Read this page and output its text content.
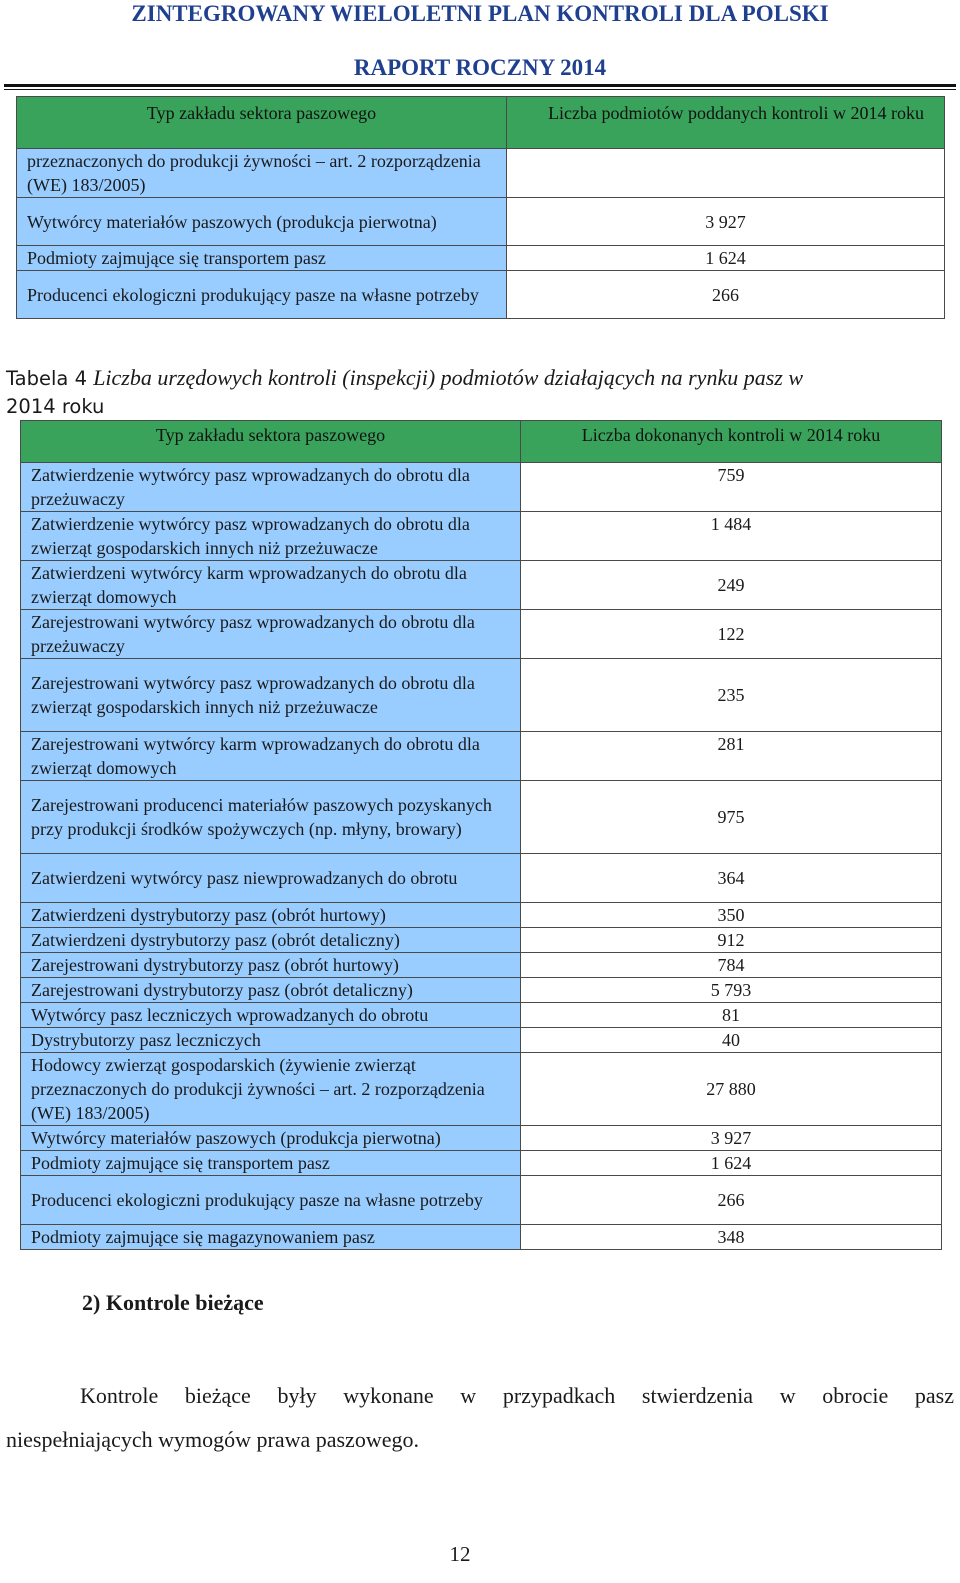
ZINTEGROWANY WIELOLETNI PLAN KONTROLI DLA POLSKI
RAPORT ROCZNY 2014
Typ zakładu sektora paszowego	Liczba podmiotów poddanych kontroli w 2014 roku
przeznaczonych do produkcji żywności – art. 2 rozporządzenia (WE) 183/2005)	
Wytwórcy materiałów paszowych (produkcja pierwotna)	3 927
Podmioty zajmujące się transportem pasz	1 624
Producenci ekologiczni produkujący pasze na własne potrzeby	266
Tabela 4 Liczba urzędowych kontroli (inspekcji) podmiotów działających na rynku pasz w
2014 roku
Typ zakładu sektora paszowego	Liczba dokonanych kontroli w 2014 roku
Zatwierdzenie wytwórcy pasz wprowadzanych do obrotu dla przeżuwaczy	759
Zatwierdzenie wytwórcy pasz wprowadzanych do obrotu dla zwierząt gospodarskich innych niż przeżuwacze	1 484
Zatwierdzeni wytwórcy karm wprowadzanych do obrotu dla zwierząt domowych	249
Zarejestrowani wytwórcy pasz wprowadzanych do obrotu dla przeżuwaczy	122
Zarejestrowani wytwórcy pasz wprowadzanych do obrotu dla zwierząt gospodarskich innych niż przeżuwacze	235
Zarejestrowani wytwórcy karm wprowadzanych do obrotu dla zwierząt domowych	281
Zarejestrowani producenci materiałów paszowych pozyskanych przy produkcji środków spożywczych (np. młyny, browary)	975
Zatwierdzeni wytwórcy pasz niewprowadzanych do obrotu	364
Zatwierdzeni dystrybutorzy pasz (obrót hurtowy)	350
Zatwierdzeni dystrybutorzy pasz (obrót detaliczny)	912
Zarejestrowani dystrybutorzy pasz (obrót hurtowy)	784
Zarejestrowani dystrybutorzy pasz (obrót detaliczny)	5 793
Wytwórcy pasz leczniczych wprowadzanych do obrotu	81
Dystrybutorzy pasz leczniczych	40
Hodowcy zwierząt gospodarskich (żywienie zwierząt przeznaczonych do produkcji żywności – art. 2 rozporządzenia (WE) 183/2005)	27 880
Wytwórcy materiałów paszowych (produkcja pierwotna)	3 927
Podmioty zajmujące się transportem pasz	1 624
Producenci ekologiczni produkujący pasze na własne potrzeby	266
Podmioty zajmujące się magazynowaniem pasz	348
2) Kontrole bieżące
Kontrole bieżące były wykonane w przypadkach stwierdzenia w obrocie pasz
niespełniających wymogów prawa paszowego.
12
